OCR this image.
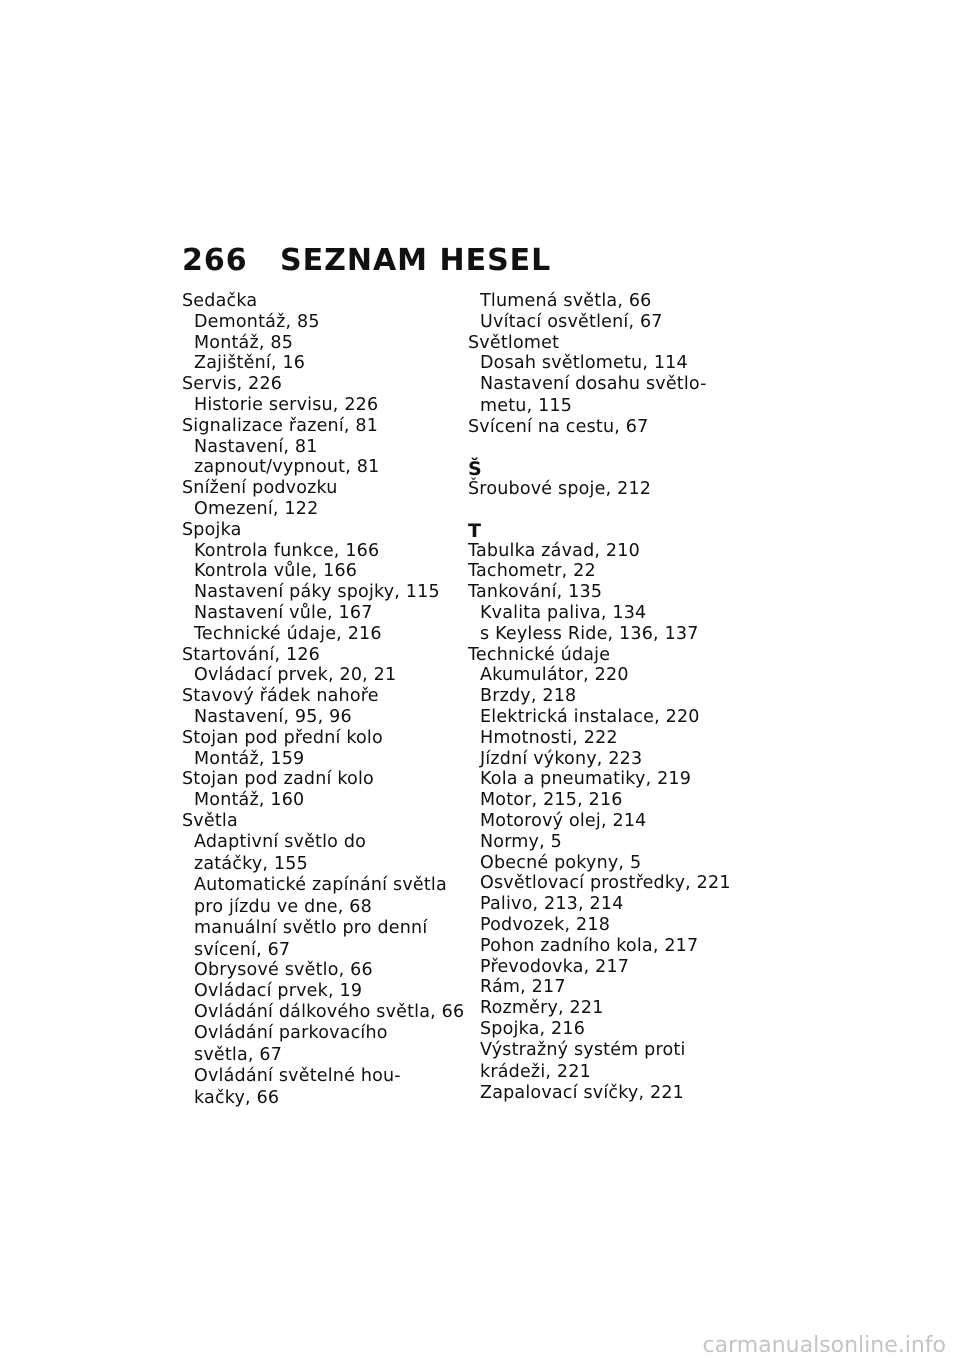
266 SEZNAM HESEL
Sedačka
Demontáž, 85
Montáž, 85
Zajištění, 16
Servis, 226
Historie servisu, 226
Signalizace řazení, 81
Nastavení, 81
zapnout/vypnout, 81
Snížení podvozku
Omezení, 122
Spojka
Kontrola funkce, 166
Kontrola vůle, 166
Nastavení páky spojky, 115
Nastavení vůle, 167
Technické údaje, 216
Startování, 126
Ovládací prvek, 20, 21
Stavový řádek nahoře
Nastavení, 95, 96
Stojan pod přední kolo
Montáž, 159
Stojan pod zadní kolo
Montáž, 160
Světla
Adaptivní světlo do
zatáčky, 155
Automatické zapínání světla
pro jízdu ve dne, 68
manuální světlo pro denní
svícení, 67
Obrysové světlo, 66
Ovládací prvek, 19
Ovládání dálkového světla, 66
Ovládání parkovacího
světla, 67
Ovládání světelné hou-
kačky, 66
Tlumená světla, 66
Uvítací osvětlení, 67
Světlomet
Dosah světlometu, 114
Nastavení dosahu světlo-
metu, 115
Svícení na cestu, 67
Š
Šroubové spoje, 212
T
Tabulka závad, 210
Tachometr, 22
Tankování, 135
Kvalita paliva, 134
s Keyless Ride, 136, 137
Technické údaje
Akumulátor, 220
Brzdy, 218
Elektrická instalace, 220
Hmotnosti, 222
Jízdní výkony, 223
Kola a pneumatiky, 219
Motor, 215, 216
Motorový olej, 214
Normy, 5
Obecné pokyny, 5
Osvětlovací prostředky, 221
Palivo, 213, 214
Podvozek, 218
Pohon zadního kola, 217
Převodovka, 217
Rám, 217
Rozměry, 221
Spojka, 216
Výstražný systém proti
krádeži, 221
Zapalovací svíčky, 221
carmanualsonline.info
